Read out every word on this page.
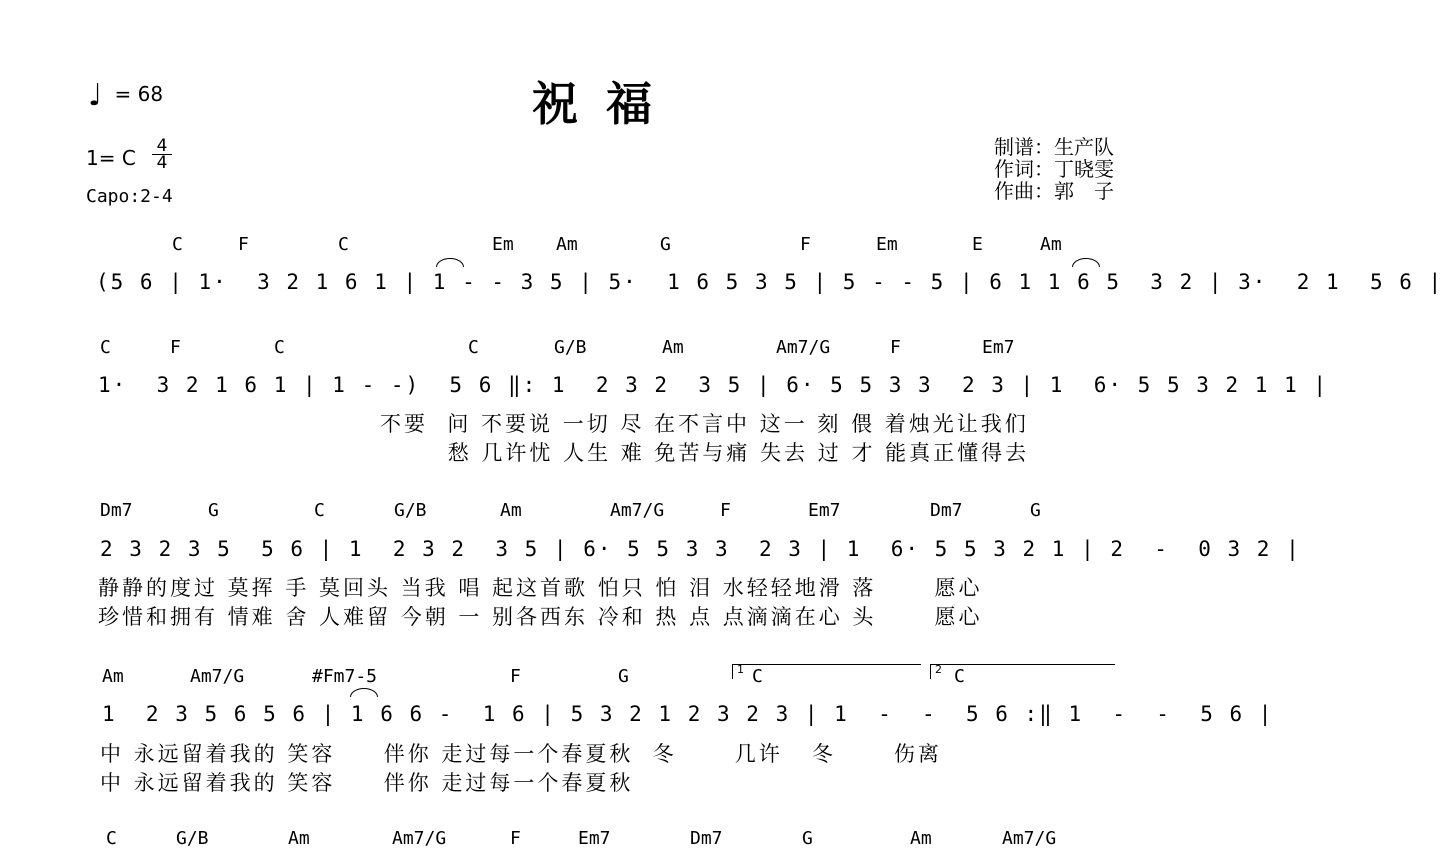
♩ = 68	祝福
1= C 4
4
Capo:2-4
制谱：生产队
作词：丁晓雯
作曲：郭　子
C	F	C	Em Am	G	F	Em	E	Am
(5 6 | 1·  3 2 1 6 1 | 1 - - 3 5 | 5·  1 6 5 3 5 | 5 - - 5 | 6 1 1 6 5  3 2 | 3·  2 1  5 6 |
C	F	C	C	G/B	Am	Am7/G	F	Em7
1·  3 2 1 6 1 | 1 - -)  5 6 ‖: 1  2 3 2  3 5 | 6· 5 5 3 3  2 3 | 1  6· 5 5 3 2 1 1 |
不要  问 不要说 一切 尽 在不言中 这一 刻 偎 着烛光让我们
愁 几许忧 人生 难 免苦与痛 失去 过 才 能真正懂得去
Dm7	G	C	G/B	Am	Am7/G	F	Em7	Dm7	G
2 3 2 3 5  5 6 | 1  2 3 2  3 5 | 6· 5 5 3 3  2 3 | 1  6· 5 5 3 2 1 | 2  -  0 3 2 |
静静的度过 莫挥 手 莫回头 当我 唱 起这首歌 怕只 怕 泪 水轻轻地滑 落      愿心
珍惜和拥有 情难 舍 人难留 今朝 一 别各西东 冷和 热 点 点滴滴在心 头      愿心
1	2
Am	Am7/G	#Fm7-5	F	G	C	C
1  2 3 5 6 5 6 | 1 6 6 -  1 6 | 5 3 2 1 2 3 2 3 | 1  -  -  5 6 :‖ 1  -  -  5 6 |
中 永远留着我的 笑容     伴你 走过每一个春夏秋  冬      几许   冬      伤离
中 永远留着我的 笑容     伴你 走过每一个春夏秋
C	G/B	Am	Am7/G	F	Em7	Dm7	G	Am	Am7/G
